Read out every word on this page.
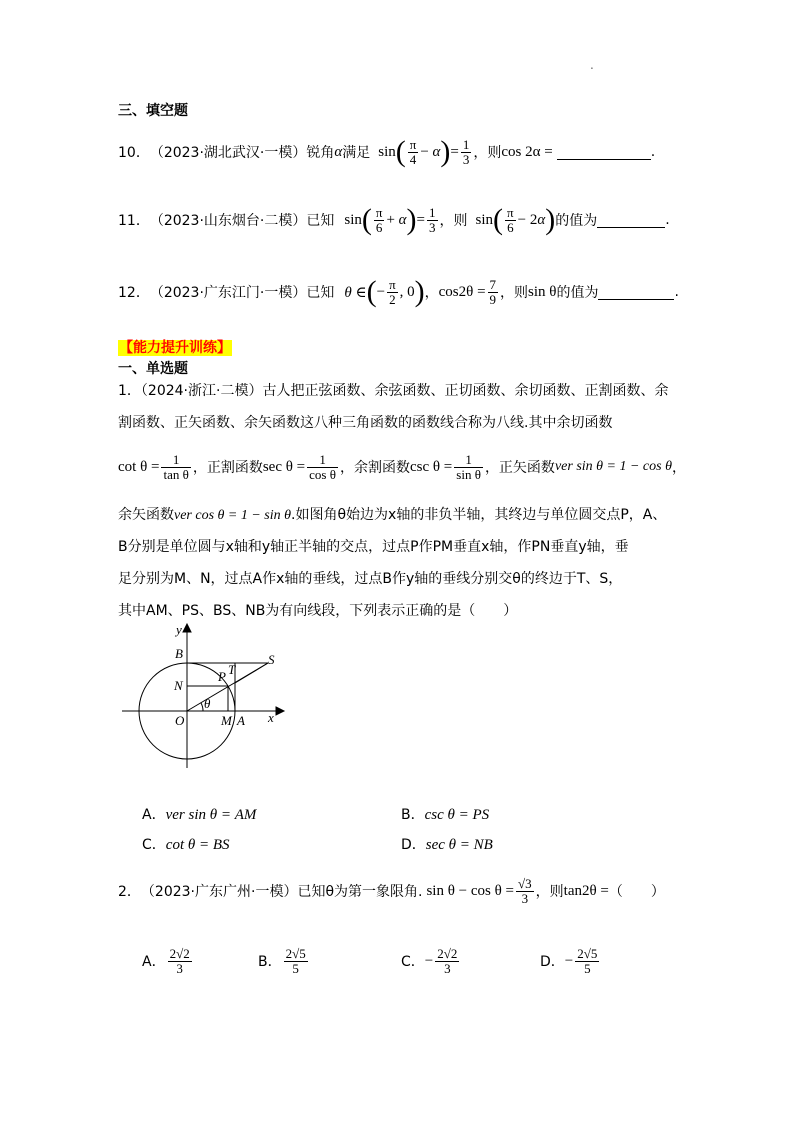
.
三、填空题
10． （2023·湖北武汉·一模） 锐角 α 满足 sin ( $\frac{\pi}{4} - \alpha$ ) = $\frac{1}{3}$ ，则 cos 2α =	.
11． （2023·山东烟台·二模） 已知 sin ( $\frac{\pi}{6} + \alpha$ ) = $\frac{1}{3}$ ，则 sin ( $\frac{\pi}{6} - 2\alpha$ ) 的值为	.
12． （2023·广东江门·一模） 已知 θ ∈ ( − $\frac{\pi}{2}$ , 0 ) ， $\cos 2\theta = \frac{7}{9}$ ，则 sin θ 的值为	.
【能力提升训练】
一、单选题
1．（2024·浙江·二模）古人把正弦函数、余弦函数、正切函数、余切函数、正割函数、余
割函数、正矢函数、余矢函数这八种三角函数的函数线合称为八线.其中余切函数
$\cot \theta = \frac{1}{\text{tan θ}}$ ，正割函数 $\sec \theta = \frac{1}{\text{cos θ}}$ ，余割函数 $\csc \theta = \frac{1}{\text{sin θ}}$ ，正矢函数 ver sin θ = 1 − cos θ ，
余矢函数ver cos θ = 1 − sin θ.如图角θ始边为x轴的非负半轴，其终边与单位圆交点P，A、
B分别是单位圆与x轴和y轴正半轴的交点，过点P作PM垂直x轴，作PN垂直y轴，垂
足分别为M、N，过点A作x轴的垂线，过点B作y轴的垂线分别交θ的终边于T、S，
其中AM、PS、BS、NB为有向线段，下列表示正确的是（　　）
y
B	S
P T
N
θ
O	M A x
A．ver sin θ = AM	B．csc θ = PS
C．cot θ = BS	D．sec θ = NB
2． （2023·广东广州·一模） 已知θ为第一象限角. $\sin \theta - \cos \theta = \frac{√3}{3}$ ，则 tan2θ = （　　）
A． $\frac{2√2}{3}$	B． $\frac{2√5}{5}$	C． − $\frac{2√2}{3}$	D． − $\frac{2√5}{5}$
